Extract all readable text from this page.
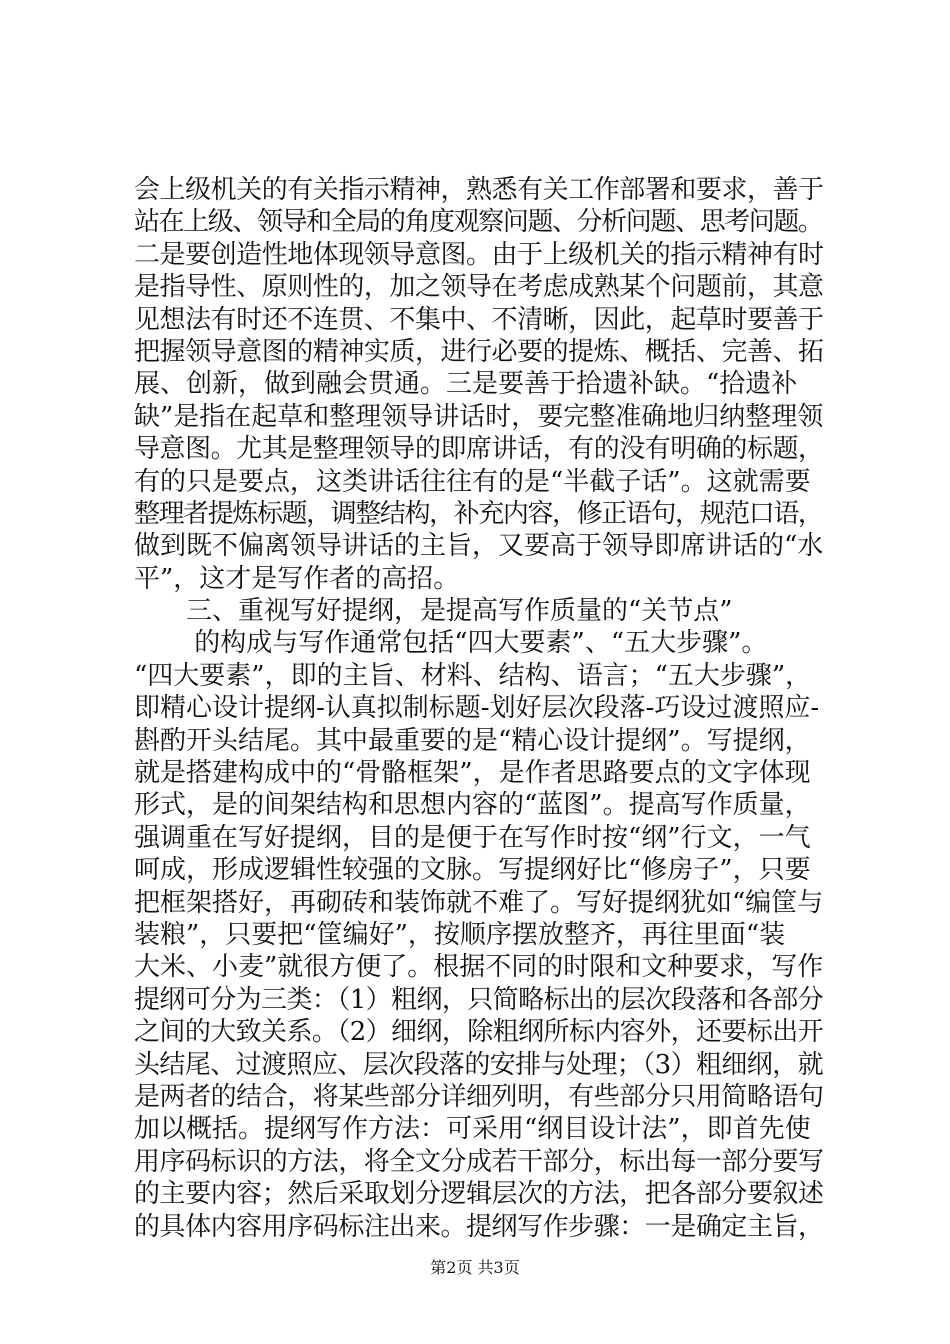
会上级机关的有关指示精神，熟悉有关工作部署和要求，善于
站在上级、领导和全局的角度观察问题、分析问题、思考问题。
二是要创造性地体现领导意图。由于上级机关的指示精神有时
是指导性、原则性的，加之领导在考虑成熟某个问题前，其意
见想法有时还不连贯、不集中、不清晰，因此，起草时要善于
把握领导意图的精神实质，进行必要的提炼、概括、完善、拓
展、创新，做到融会贯通。三是要善于拾遗补缺。“拾遗补
缺”是指在起草和整理领导讲话时，要完整准确地归纳整理领
导意图。尤其是整理领导的即席讲话，有的没有明确的标题，
有的只是要点，这类讲话往往有的是“半截子话”。这就需要
整理者提炼标题，调整结构，补充内容，修正语句，规范口语，
做到既不偏离领导讲话的主旨，又要高于领导即席讲话的“水
平”，这才是写作者的高招。
　　三、重视写好提纲，是提高写作质量的“关节点”
　　 的构成与写作通常包括“四大要素”、“五大步骤”。
“四大要素”，即的主旨、材料、结构、语言；“五大步骤”，
即精心设计提纲-认真拟制标题-划好层次段落-巧设过渡照应-
斟酌开头结尾。其中最重要的是“精心设计提纲”。写提纲，
就是搭建构成中的“骨骼框架”，是作者思路要点的文字体现
形式，是的间架结构和思想内容的“蓝图”。提高写作质量，
强调重在写好提纲，目的是便于在写作时按“纲”行文，一气
呵成，形成逻辑性较强的文脉。写提纲好比“修房子”，只要
把框架搭好，再砌砖和装饰就不难了。写好提纲犹如“编筐与
装粮”，只要把“筐编好”，按顺序摆放整齐，再往里面“装
大米、小麦”就很方便了。根据不同的时限和文种要求，写作
提纲可分为三类：（1）粗纲，只简略标出的层次段落和各部分
之间的大致关系。（2）细纲，除粗纲所标内容外，还要标出开
头结尾、过渡照应、层次段落的安排与处理；（3）粗细纲，就
是两者的结合，将某些部分详细列明，有些部分只用简略语句
加以概括。提纲写作方法：可采用“纲目设计法”，即首先使
用序码标识的方法，将全文分成若干部分，标出每一部分要写
的主要内容；然后采取划分逻辑层次的方法，把各部分要叙述
的具体内容用序码标注出来。提纲写作步骤：一是确定主旨，
第2页 共3页
